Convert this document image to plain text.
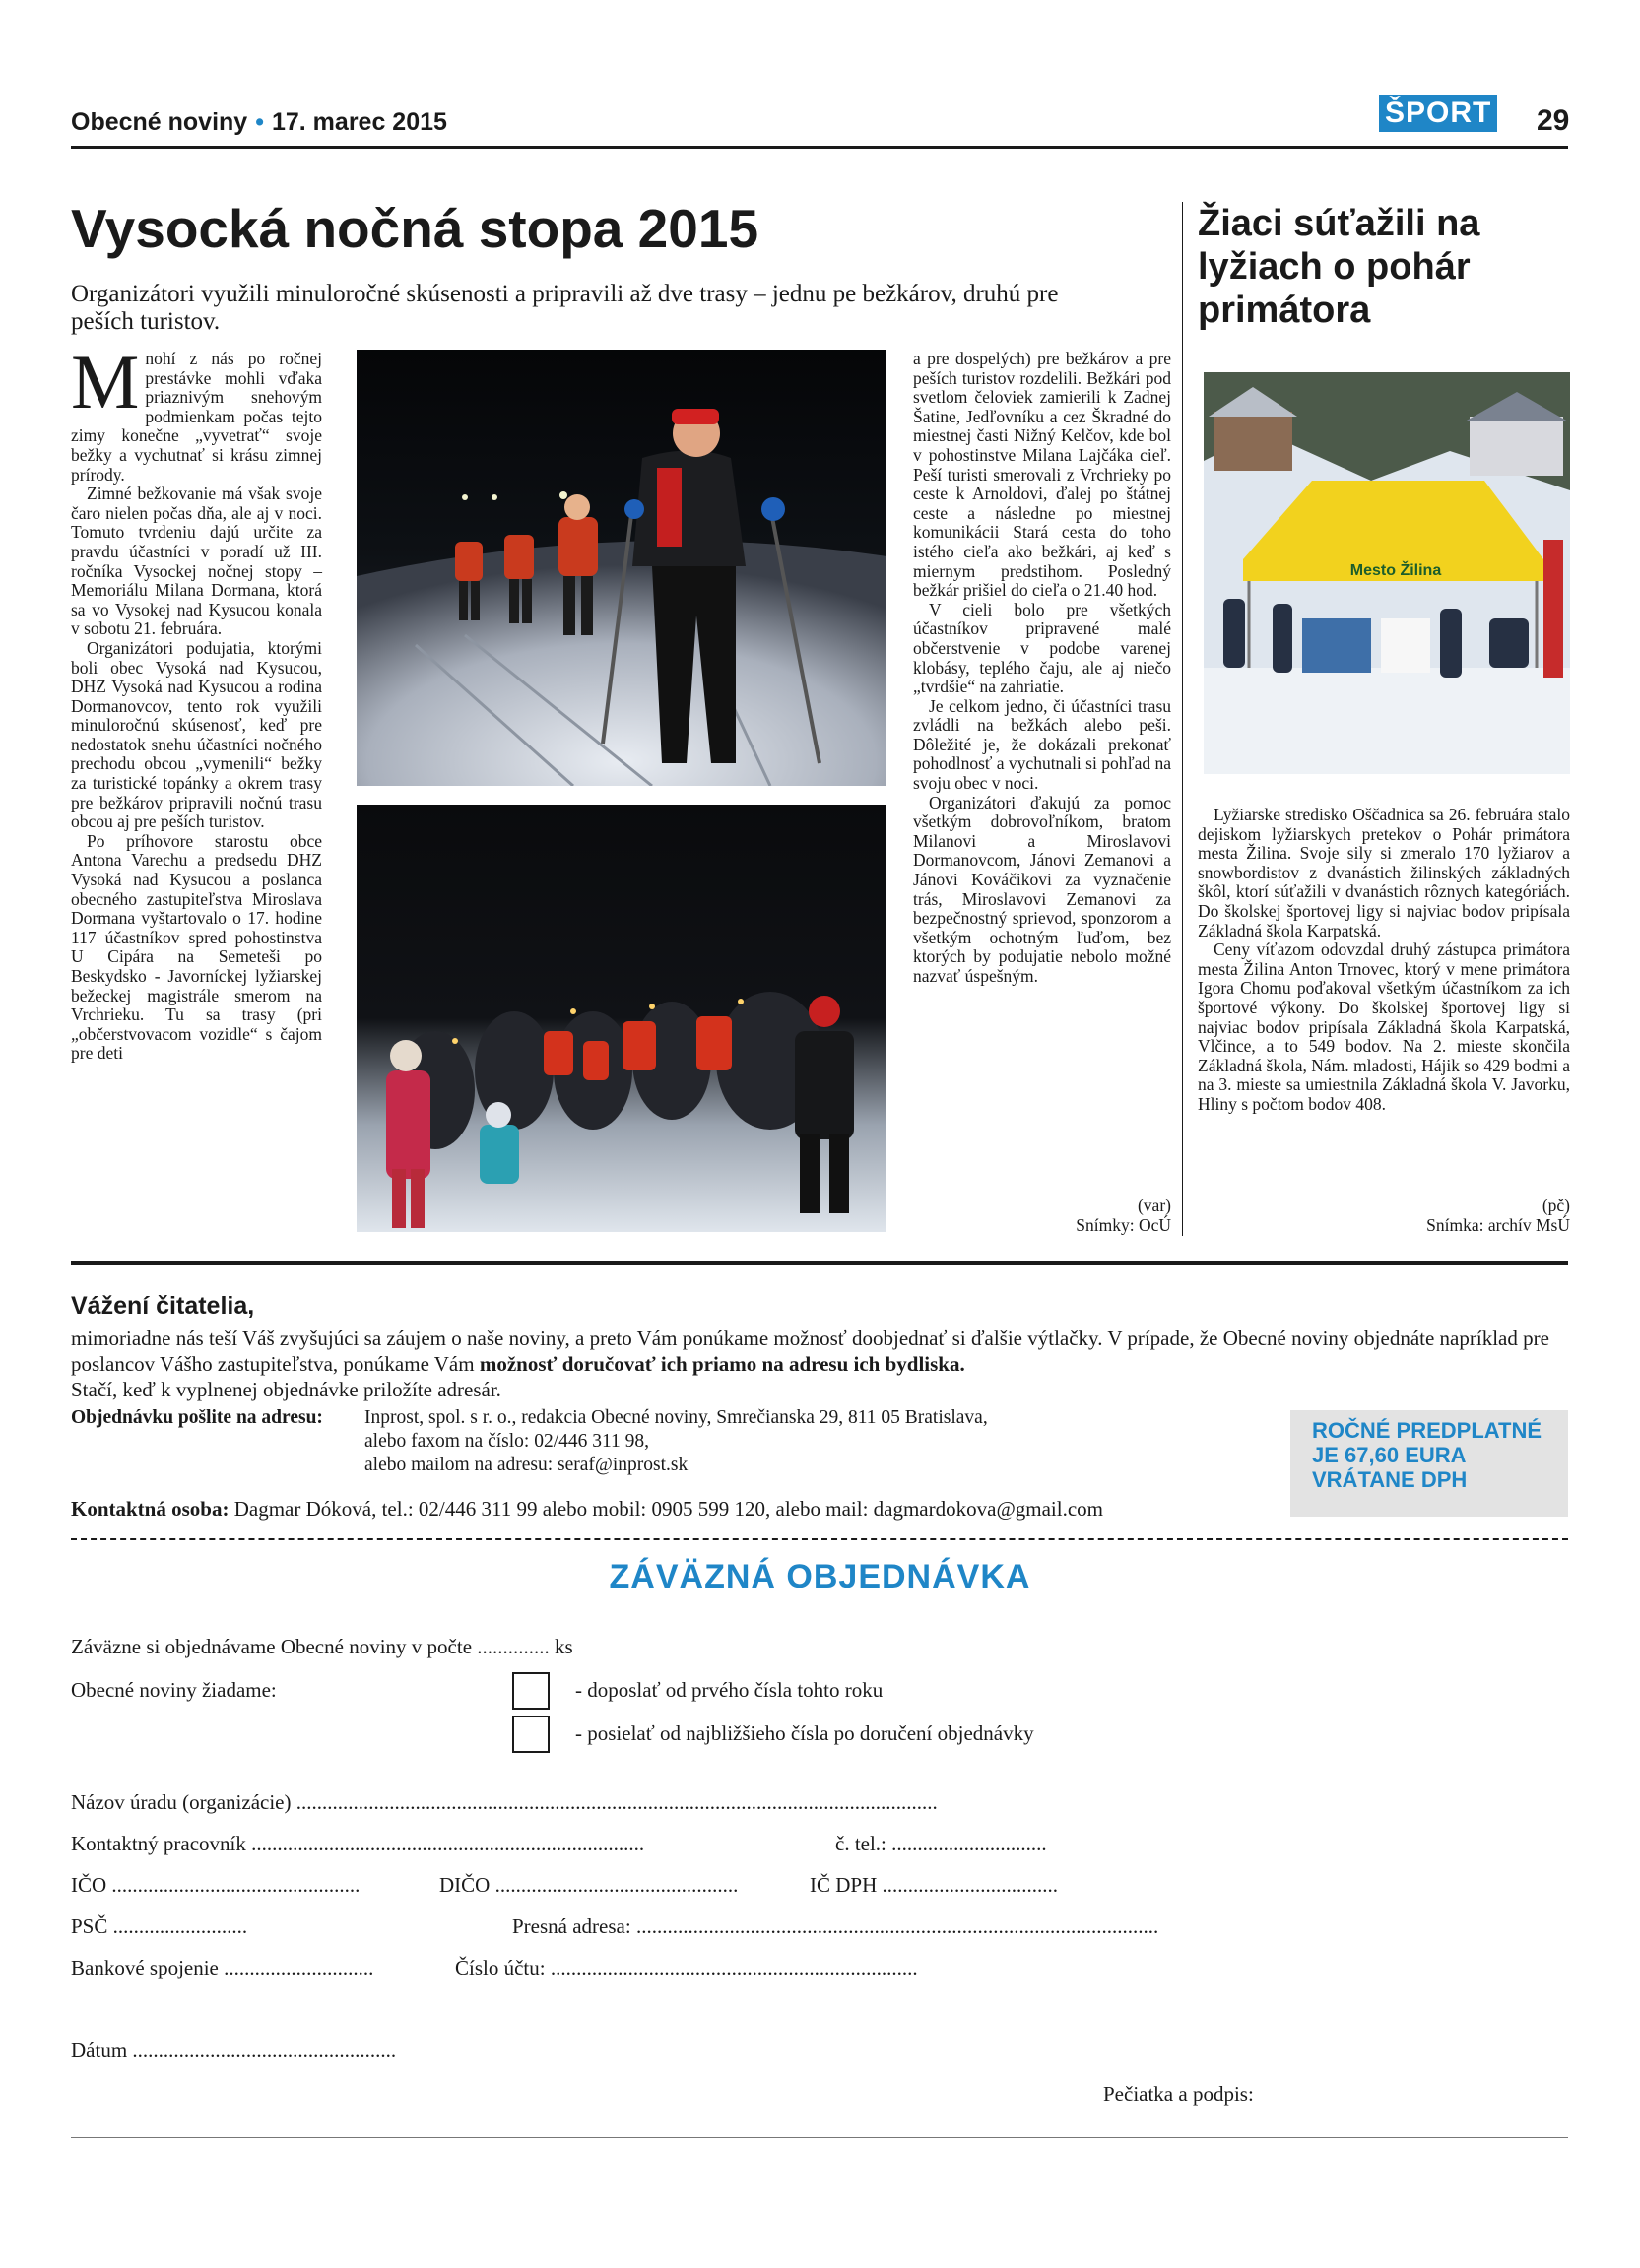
Obecné noviny • 17. marec 2015	ŠPORT 29
Vysocká nočná stopa 2015
Organizátori využili minuloročné skúsenosti a pripravili až dve trasy – jednu pe bežkárov, druhú pre peších turistov.

Mnohí z nás po ročnej prestávke mohli vďaka priaznivým snehovým podmienkam počas tejto zimy konečne „vyvetrať“ svoje bežky a vychutnať si krásu zimnej prírody.

Zimné bežkovanie má však svoje čaro nielen počas dňa, ale aj v noci. Tomuto tvrdeniu dajú určite za pravdu účastníci v poradí už III. ročníka Vysockej nočnej stopy – Memoriálu Milana Dormana, ktorá sa vo Vysokej nad Kysucou konala v sobotu 21. februára.

Organizátori podujatia, ktorými boli obec Vysoká nad Kysucou, DHZ Vysoká nad Kysucou a rodina Dormanovcov, tento rok využili minuloročnú skúsenosť, keď pre nedostatok snehu účastníci nočného prechodu obcou „vymenili“ bežky za turistické topánky a okrem trasy pre bežkárov pripravili nočnú trasu obcou aj pre peších turistov.

Po príhovore starostu obce Antona Varechu a predsedu DHZ Vysoká nad Kysucou a poslanca obecného zastupiteľstva Miroslava Dormana vyštartovalo o 17. hodine 117 účastníkov spred pohostinstva U Cipára na Semeteši po Beskydsko - Javorníckej lyžiarskej bežeckej magistrále smerom na Vrchrieku. Tu sa trasy (pri „občerstvovacom vozidle“ s čajom pre deti

a pre dospelých) pre bežkárov a pre peších turistov rozdelili. Bežkári pod svetlom čeloviek zamierili k Zadnej Šatine, Jedľovníku a cez Škradné do miestnej časti Nižný Kelčov, kde bol v pohostinstve Milana Lajčáka cieľ. Peší turisti smerovali z Vrchrieky po ceste k Arnoldovi, ďalej po štátnej ceste a následne po miestnej komunikácii Stará cesta do toho istého cieľa ako bežkári, aj keď s miernym predstihom. Posledný bežkár prišiel do cieľa o 21.40 hod.

V cieli bolo pre všetkých účastníkov pripravené malé občerstvenie v podobe varenej klobásy, teplého čaju, ale aj niečo „tvrdšie“ na zahriatie.

Je celkom jedno, či účastníci trasu zvládli na bežkách alebo peši. Dôležité je, že dokázali prekonať pohodlnosť a vychutnali si pohľad na svoju obec v noci.

Organizátori ďakujú za pomoc všetkým dobrovoľníkom, bratom Milanovi a Miroslavovi Dormanovcom, Jánovi Zemanovi a Jánovi Kováčikovi za vyznačenie trás, Miroslavovi Zemanovi za bezpečnostný sprievod, sponzorom a všetkým ochotným ľuďom, bez ktorých by podujatie nebolo možné nazvať úspešným.

(var)
Snímky: OcÚ
Žiaci súťažili na lyžiach o pohár primátora
Mesto Žilina

Lyžiarske stredisko Oščadnica sa 26. februára stalo dejiskom lyžiarskych pretekov o Pohár primátora mesta Žilina. Svoje sily si zmeralo 170 lyžiarov a snowbordistov z dvanástich žilinských základných škôl, ktorí súťažili v dvanástich rôznych kategóriách. Do školskej športovej ligy si najviac bodov pripísala Základná škola Karpatská.

Ceny víťazom odovzdal druhý zástupca primátora mesta Žilina Anton Trnovec, ktorý v mene primátora Igora Chomu poďakoval všetkým účastníkom za ich športové výkony. Do školskej športovej ligy si najviac bodov pripísala Základná škola Karpatská, Vlčince, a to 549 bodov. Na 2. mieste skončila Základná škola, Nám. mladosti, Hájik so 429 bodmi a na 3. mieste sa umiestnila Základná škola V. Javorku, Hliny s počtom bodov 408.

(pč)
Snímka: archív MsÚ
Vážení čitatelia,
mimoriadne nás teší Váš zvyšujúci sa záujem o naše noviny, a preto Vám ponúkame možnosť doobjednať si ďalšie výtlačky. V prípade, že Obecné noviny objednáte napríklad pre poslancov Vášho zastupiteľstva, ponúkame Vám možnosť doručovať ich priamo na adresu ich bydliska.
Stačí, keď k vyplnenej objednávke priložíte adresár.
Objednávku pošlite na adresu: Inprost, spol. s r. o., redakcia Obecné noviny, Smrečianska 29, 811 05 Bratislava,
alebo faxom na číslo: 02/446 311 98,
alebo mailom na adresu: seraf@inprost.sk
Kontaktná osoba: Dagmar Dóková, tel.: 02/446 311 99 alebo mobil: 0905 599 120, alebo mail: dagmardokova@gmail.com
ROČNÉ PREDPLATNÉ
JE 67,60 EURA
VRÁTANE DPH
ZÁVÄZNÁ OBJEDNÁVKA
Záväzne si objednávame Obecné noviny v počte .............. ks
Obecné noviny žiadame:	- doposlať od prvého čísla tohto roku
- posielať od najbližšieho čísla po doručení objednávky
Názov úradu (organizácie) ............................................................................................................................
Kontaktný pracovník ............................................................................	č. tel.: ..............................
IČO ................................................	DIČO ...............................................	IČ DPH ..................................
PSČ ..........................	Presná adresa: .....................................................................................................
Bankové spojenie .............................	Číslo účtu: .......................................................................
Dátum ...................................................
Pečiatka a podpis:
